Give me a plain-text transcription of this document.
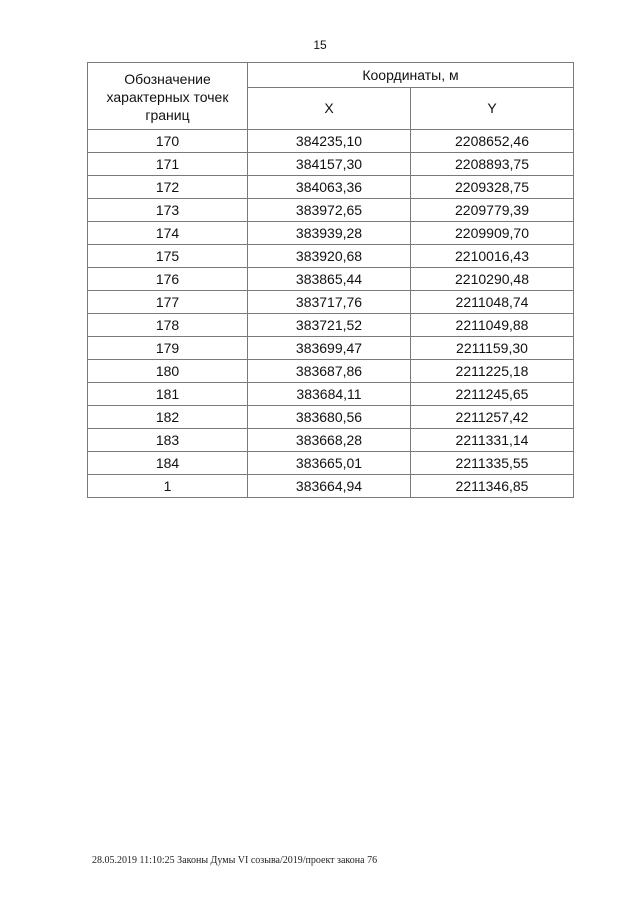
15
Обозначение характерных точек границ	Координаты, м	
	X	Y
170	384235,10	2208652,46
171	384157,30	2208893,75
172	384063,36	2209328,75
173	383972,65	2209779,39
174	383939,28	2209909,70
175	383920,68	2210016,43
176	383865,44	2210290,48
177	383717,76	2211048,74
178	383721,52	2211049,88
179	383699,47	2211159,30
180	383687,86	2211225,18
181	383684,11	2211245,65
182	383680,56	2211257,42
183	383668,28	2211331,14
184	383665,01	2211335,55
1	383664,94	2211346,85
28.05.2019 11:10:25 Законы Думы VI созыва/2019/проект закона 76
